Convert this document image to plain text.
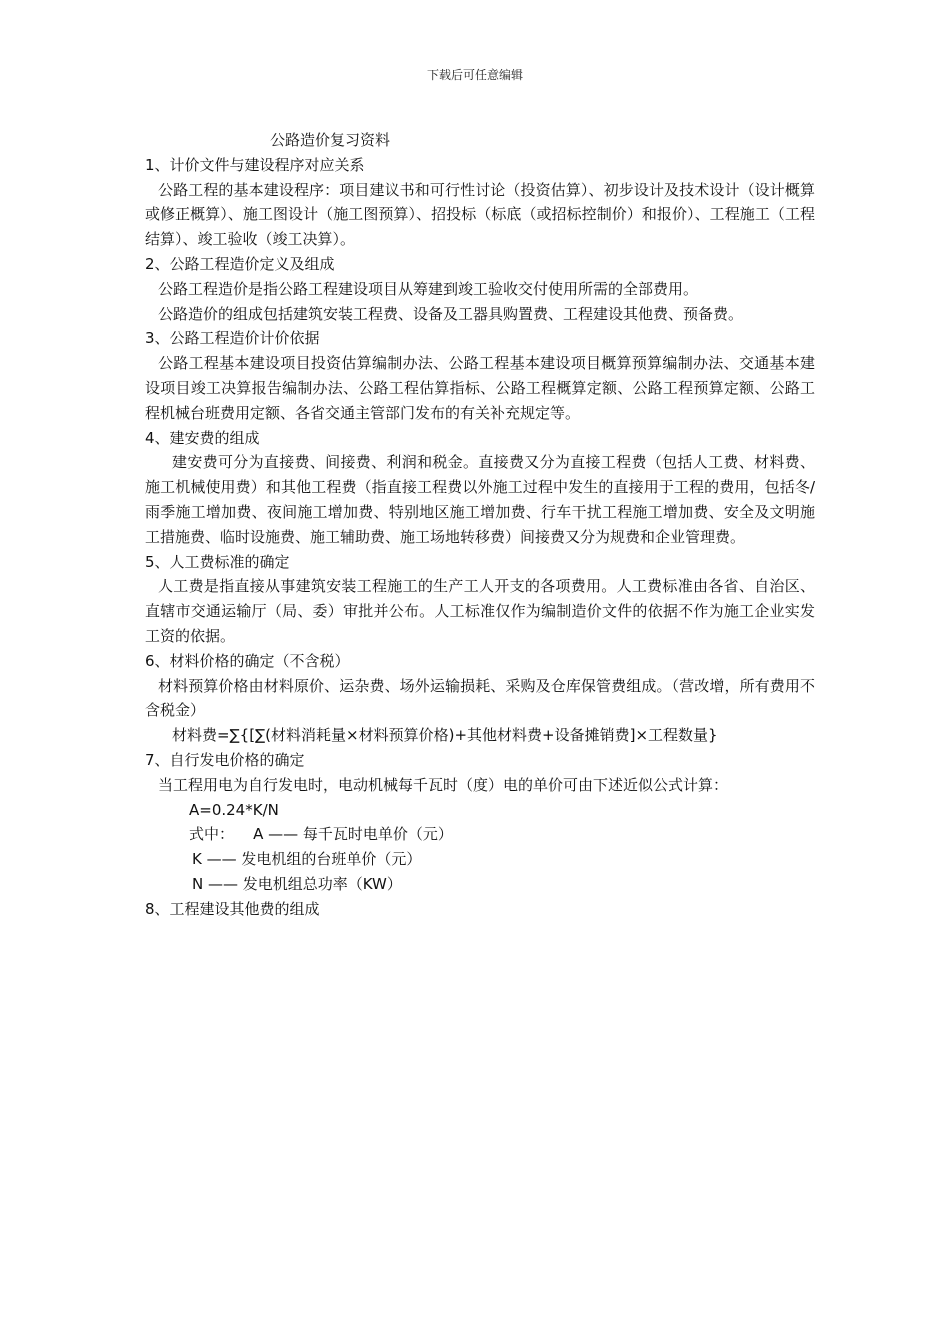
下载后可任意编辑

公路造价复习资料

1、计价文件与建设程序对应关系

公路工程的基本建设程序：项目建议书和可行性讨论（投资估算）、初步设计及技术设计（设计概算或修正概算）、施工图设计（施工图预算）、招投标（标底（或招标控制价）和报价）、工程施工（工程结算）、竣工验收（竣工决算）。

2、公路工程造价定义及组成

公路工程造价是指公路工程建设项目从筹建到竣工验收交付使用所需的全部费用。

公路造价的组成包括建筑安装工程费、设备及工器具购置费、工程建设其他费、预备费。

3、公路工程造价计价依据

公路工程基本建设项目投资估算编制办法、公路工程基本建设项目概算预算编制办法、交通基本建设项目竣工决算报告编制办法、公路工程估算指标、公路工程概算定额、公路工程预算定额、公路工程机械台班费用定额、各省交通主管部门发布的有关补充规定等。

4、建安费的组成

建安费可分为直接费、间接费、利润和税金。直接费又分为直接工程费（包括人工费、材料费、施工机械使用费）和其他工程费（指直接工程费以外施工过程中发生的直接用于工程的费用，包括冬/雨季施工增加费、夜间施工增加费、特别地区施工增加费、行车干扰工程施工增加费、安全及文明施工措施费、临时设施费、施工辅助费、施工场地转移费）间接费又分为规费和企业管理费。

5、人工费标准的确定

人工费是指直接从事建筑安装工程施工的生产工人开支的各项费用。人工费标准由各省、自治区、直辖市交通运输厅（局、委）审批并公布。人工标准仅作为编制造价文件的依据不作为施工企业实发工资的依据。

6、材料价格的确定（不含税）

材料预算价格由材料原价、运杂费、场外运输损耗、采购及仓库保管费组成。（营改增，所有费用不含税金）

材料费=∑{[∑(材料消耗量×材料预算价格)+其他材料费+设备摊销费]×工程数量}

7、自行发电价格的确定

当工程用电为自行发电时，电动机械每千瓦时（度）电的单价可由下述近似公式计算：

A=0.24*K/N

式中：    A —— 每千瓦时电单价（元）

K —— 发电机组的台班单价（元）

N —— 发电机组总功率（KW）

8、工程建设其他费的组成
